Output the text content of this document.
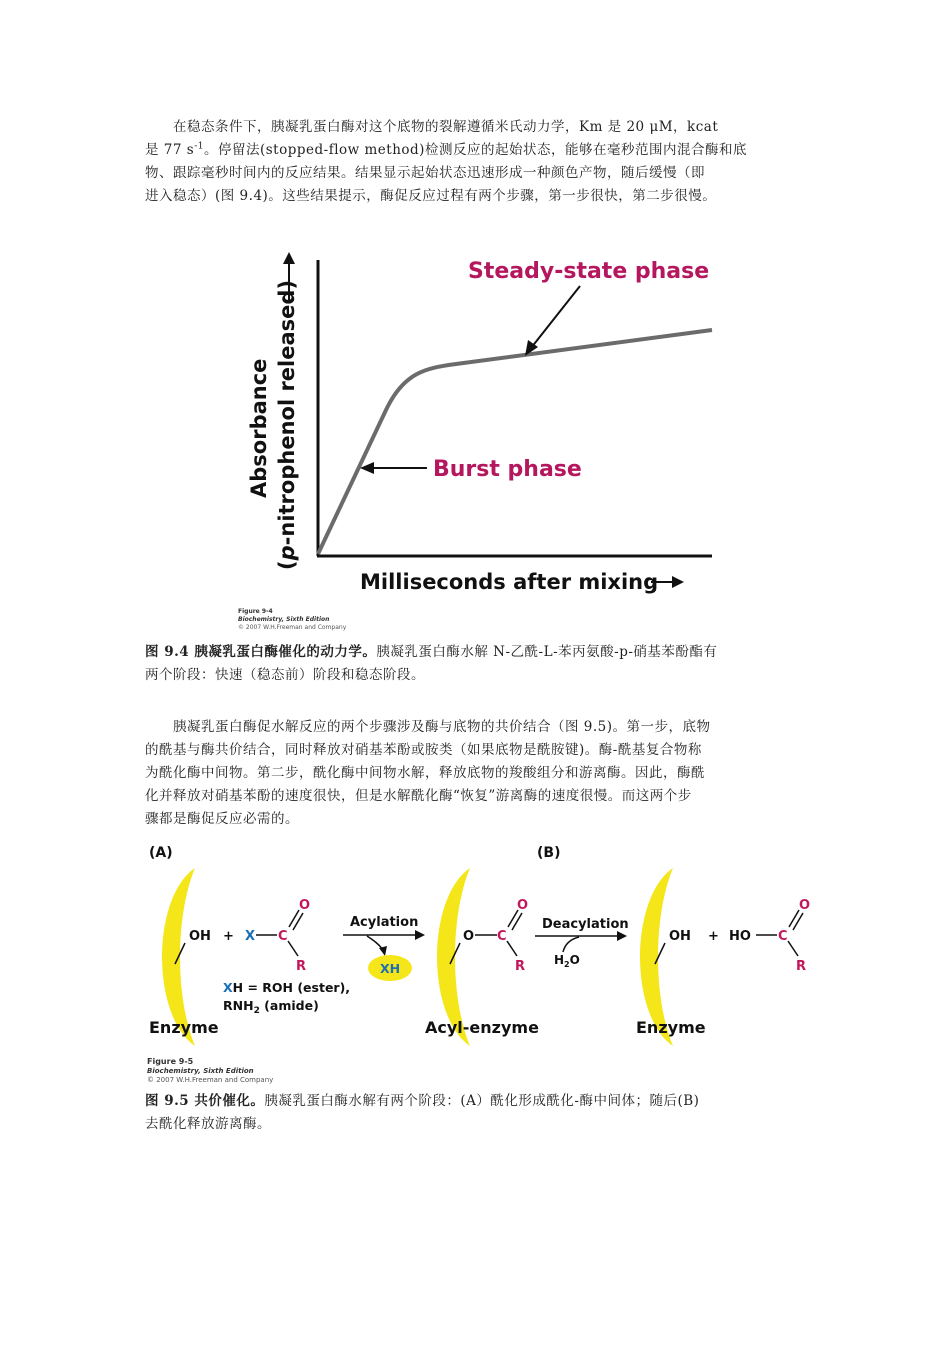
在稳态条件下，胰凝乳蛋白酶对这个底物的裂解遵循米氏动力学，Km 是 20 μM，kcat
是 77 $s^{-1}$。停留法(stopped-flow method)检测反应的起始状态，能够在毫秒范围内混合酶和底
物、跟踪毫秒时间内的反应结果。结果显示起始状态迅速形成一种颜色产物，随后缓慢（即
进入稳态）(图 9.4)。这些结果提示，酶促反应过程有两个步骤，第一步很快，第二步很慢。
Steady-state phase
Burst phase
Absorbance
(p-nitrophenol released)
Milliseconds after mixing
Figure 9-4
Biochemistry, Sixth Edition
© 2007 W.H.Freeman and Company
图 9.4 胰凝乳蛋白酶催化的动力学。胰凝乳蛋白酶水解 N-乙酰-L-苯丙氨酸-p-硝基苯酚酯有
两个阶段：快速（稳态前）阶段和稳态阶段。
胰凝乳蛋白酶促水解反应的两个步骤涉及酶与底物的共价结合（图 9.5)。第一步，底物
的酰基与酶共价结合，同时释放对硝基苯酚或胺类（如果底物是酰胺键)。酶-酰基复合物称
为酰化酶中间物。第二步，酰化酶中间物水解，释放底物的羧酸组分和游离酶。因此，酶酰
化并释放对硝基苯酚的速度很快，但是水解酰化酶“恢复”游离酶的速度很慢。而这两个步
骤都是酶促反应必需的。
(A)	(B)
OH + X C
O
R
XH = ROH (ester),
$RNH_2$ (amide)
Acylation
XH
O C
O
R
Deacylation
$H_2O$
OH + HO C
O
R
Enzyme	Acyl-enzyme	Enzyme
Figure 9-5
Biochemistry, Sixth Edition
© 2007 W.H.Freeman and Company
图 9.5 共价催化。胰凝乳蛋白酶水解有两个阶段：(A）酰化形成酰化-酶中间体；随后(B)
去酰化释放游离酶。
